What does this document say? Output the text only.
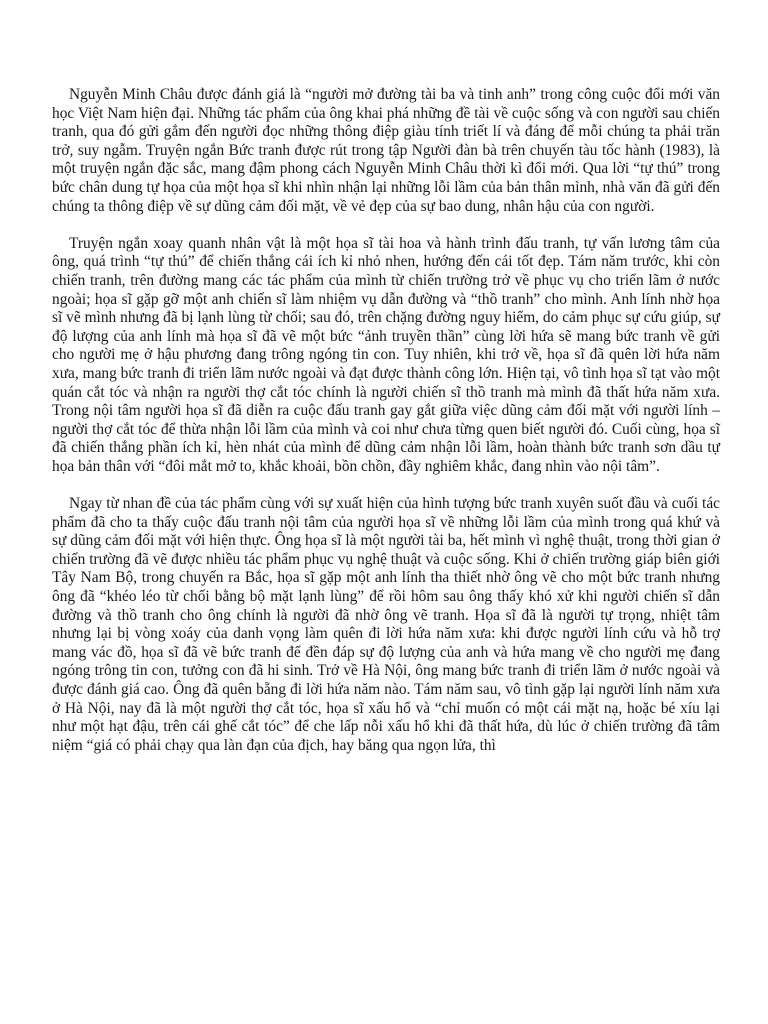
Nguyễn Minh Châu được đánh giá là “người mở đường tài ba và tinh anh” trong công cuộc đổi mới văn học Việt Nam hiện đại. Những tác phẩm của ông khai phá những đề tài về cuộc sống và con người sau chiến tranh, qua đó gửi gắm đến người đọc những thông điệp giàu tính triết lí và đáng để mỗi chúng ta phải trăn trở, suy ngẫm. Truyện ngắn Bức tranh được rút trong tập Người đàn bà trên chuyến tàu tốc hành (1983), là một truyện ngắn đặc sắc, mang đậm phong cách Nguyễn Minh Châu thời kì đổi mới. Qua lời “tự thú” trong bức chân dung tự họa của một họa sĩ khi nhìn nhận lại những lỗi lầm của bản thân mình, nhà văn đã gửi đến chúng ta thông điệp về sự dũng cảm đối mặt, về vẻ đẹp của sự bao dung, nhân hậu của con người.

Truyện ngắn xoay quanh nhân vật là một họa sĩ tài hoa và hành trình đấu tranh, tự vấn lương tâm của ông, quá trình “tự thú” để chiến thắng cái ích kỉ nhỏ nhen, hướng đến cái tốt đẹp. Tám năm trước, khi còn chiến tranh, trên đường mang các tác phẩm của mình từ chiến trường trở về phục vụ cho triển lãm ở nước ngoài; họa sĩ gặp gỡ một anh chiến sĩ làm nhiệm vụ dẫn đường và “thồ tranh” cho mình. Anh lính nhờ họa sĩ vẽ mình nhưng đã bị lạnh lùng từ chối; sau đó, trên chặng đường nguy hiểm, do cảm phục sự cứu giúp, sự độ lượng của anh lính mà họa sĩ đã vẽ một bức “ảnh truyền thần” cùng lời hứa sẽ mang bức tranh về gửi cho người mẹ ở hậu phương đang trông ngóng tin con. Tuy nhiên, khi trở về, họa sĩ đã quên lời hứa năm xưa, mang bức tranh đi triển lãm nước ngoài và đạt được thành công lớn. Hiện tại, vô tình họa sĩ tạt vào một quán cắt tóc và nhận ra người thợ cắt tóc chính là người chiến sĩ thồ tranh mà mình đã thất hứa năm xưa. Trong nội tâm người họa sĩ đã diễn ra cuộc đấu tranh gay gắt giữa việc dũng cảm đối mặt với người lính – người thợ cắt tóc để thừa nhận lỗi lầm của mình và coi như chưa từng quen biết người đó. Cuối cùng, họa sĩ đã chiến thắng phần ích kỉ, hèn nhát của mình để dũng cảm nhận lỗi lầm, hoàn thành bức tranh sơn dầu tự họa bản thân với “đôi mắt mở to, khắc khoải, bồn chồn, đầy nghiêm khắc, đang nhìn vào nội tâm”.

Ngay từ nhan đề của tác phẩm cùng với sự xuất hiện của hình tượng bức tranh xuyên suốt đầu và cuối tác phẩm đã cho ta thấy cuộc đấu tranh nội tâm của người họa sĩ về những lỗi lầm của mình trong quá khứ và sự dũng cảm đối mặt với hiện thực. Ông họa sĩ là một người tài ba, hết mình vì nghệ thuật, trong thời gian ở chiến trường đã vẽ được nhiều tác phẩm phục vụ nghệ thuật và cuộc sống. Khi ở chiến trường giáp biên giới Tây Nam Bộ, trong chuyến ra Bắc, họa sĩ gặp một anh lính tha thiết nhờ ông vẽ cho một bức tranh nhưng ông đã “khéo léo từ chối bằng bộ mặt lạnh lùng” để rồi hôm sau ông thấy khó xử khi người chiến sĩ dẫn đường và thồ tranh cho ông chính là người đã nhờ ông vẽ tranh. Họa sĩ đã là người tự trọng, nhiệt tâm nhưng lại bị vòng xoáy của danh vọng làm quên đi lời hứa năm xưa: khi được người lính cứu và hỗ trợ mang vác đồ, họa sĩ đã vẽ bức tranh để đền đáp sự độ lượng của anh và hứa mang về cho người mẹ đang ngóng trông tin con, tưởng con đã hi sinh. Trở về Hà Nội, ông mang bức tranh đi triển lãm ở nước ngoài và được đánh giá cao. Ông đã quên bẵng đi lời hứa năm nào. Tám năm sau, vô tình gặp lại người lính năm xưa ở Hà Nội, nay đã là một người thợ cắt tóc, họa sĩ xấu hổ và “chỉ muốn có một cái mặt nạ, hoặc bé xíu lại như một hạt đậu, trên cái ghế cắt tóc” để che lấp nỗi xấu hổ khi đã thất hứa, dù lúc ở chiến trường đã tâm niệm “giá có phải chạy qua làn đạn của địch, hay băng qua ngọn lửa, thì
